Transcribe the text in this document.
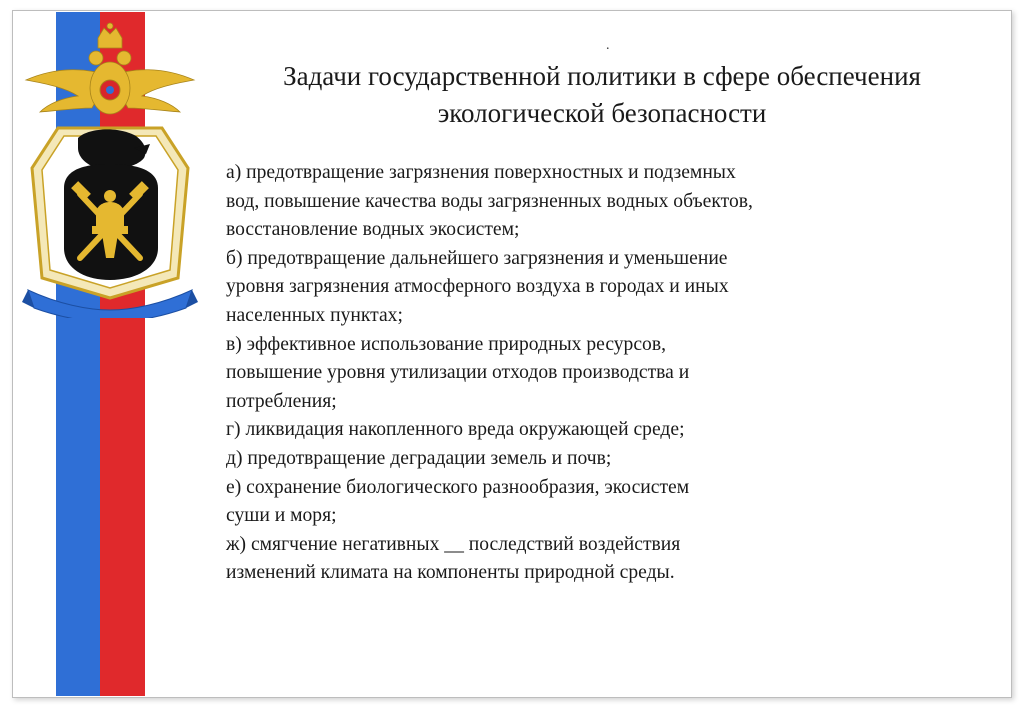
.
Задачи государственной политики в сфере обеспечения
экологической безопасности
а) предотвращение загрязнения поверхностных и подземных
вод, повышение качества воды загрязненных водных объектов,
восстановление водных экосистем;
б) предотвращение дальнейшего загрязнения и уменьшение
уровня загрязнения атмосферного воздуха в городах и иных
населенных пунктах;
в) эффективное использование природных ресурсов,
повышение уровня утилизации отходов производства и
потребления;
г) ликвидация накопленного вреда окружающей среде;
д) предотвращение деградации земель и почв;
е) сохранение биологического разнообразия, экосистем
суши и моря;
ж) смягчение негативных __ последствий воздействия
изменений климата на компоненты природной среды.
